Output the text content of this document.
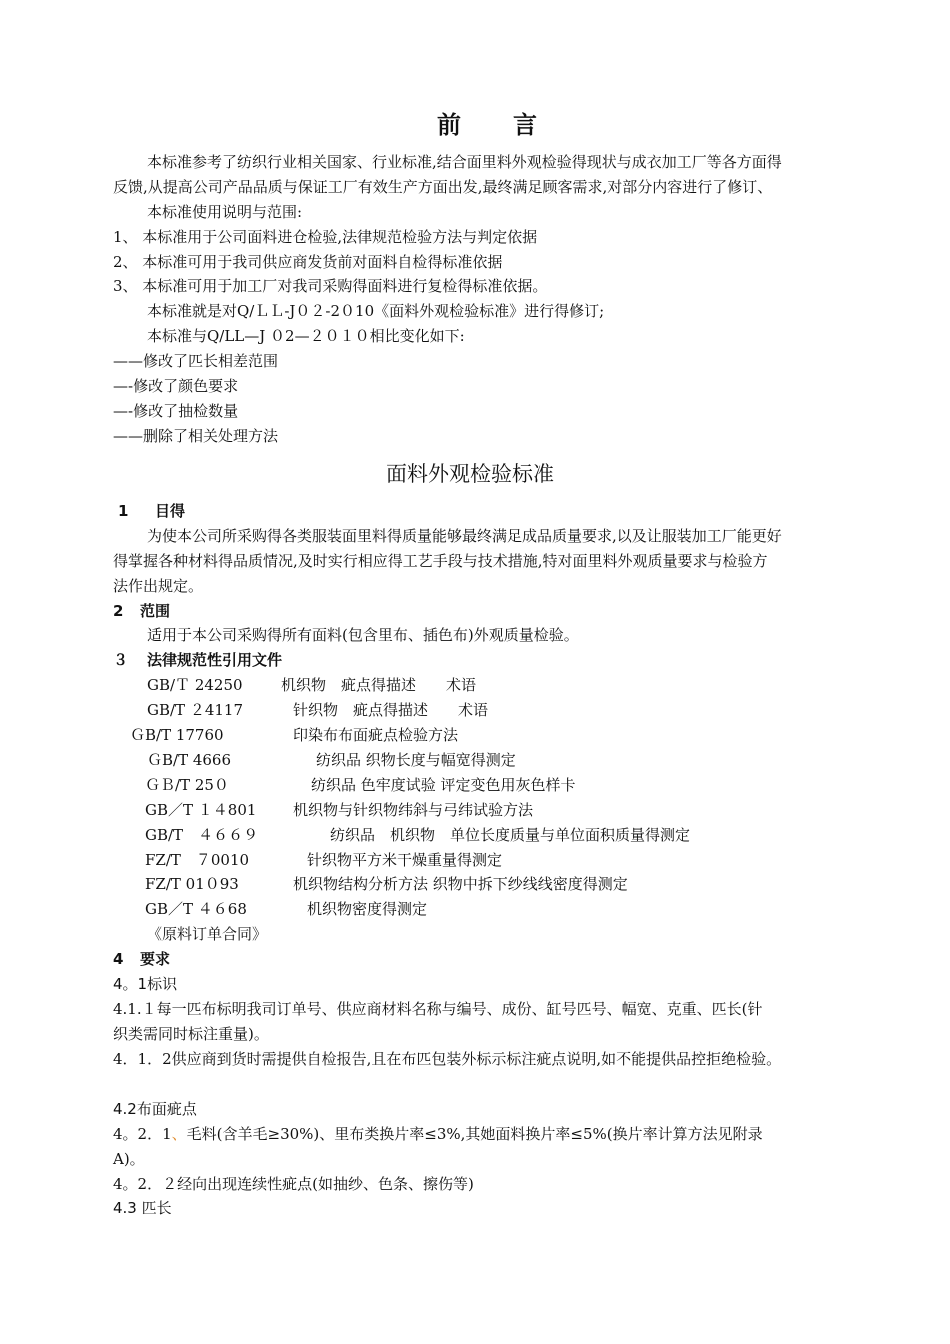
前 言
本标准参考了纺织行业相关国家、行业标准,结合面里料外观检验得现状与成衣加工厂等各方面得
反馈,从提高公司产品品质与保证工厂有效生产方面出发,最终满足顾客需求,对部分内容进行了修订、
本标准使用说明与范围:
1、 本标准用于公司面料进仓检验,法律规范检验方法与判定依据
2、 本标准可用于我司供应商发货前对面料自检得标准依据
3、 本标准可用于加工厂对我司采购得面料进行复检得标准依据。
本标准就是对Q/ＬＬ-J０２-2０10《面料外观检验标准》进行得修订;
本标准与Q/LL—J ０2—２０１０相比变化如下:
——修改了匹长相差范围
—-修改了颜色要求
—-修改了抽检数量
——删除了相关处理方法
面料外观检验标准
1 目得
为使本公司所采购得各类服装面里料得质量能够最终满足成品质量要求,以及让服装加工厂能更好
得掌握各种材料得品质情况,及时实行相应得工艺手段与技术措施,特对面里料外观质量要求与检验方
法作出规定。
2 范围
适用于本公司采购得所有面料(包含里布、插色布)外观质量检验。
３ 法律规范性引用文件
GB/Ｔ 24250	机织物　疵点得描述　　术语
GB/T ２4117	针织物　疵点得描述　　术语
ＧB/T 17760	印染布布面疵点检验方法
ＧB/T 4666	纺织品 织物长度与幅宽得测定
ＧＢ/T 25０	纺织品 色牢度试验 评定变色用灰色样卡
GB／T １４801 机织物与针织物纬斜与弓纬试验方法
GB/T　４６６９	纺织品　机织物　单位长度质量与单位面积质量得测定
FZ/T　７0010	针织物平方米干燥重量得测定
FZ/T 01０93	机织物结构分析方法 织物中拆下纱线线密度得测定
GB／T ４６68	机织物密度得测定
《原料订单合同》
4 要求
4。1标识
4.1.１每一匹布标明我司订单号、供应商材料名称与编号、成份、缸号匹号、幅宽、克重、匹长(针
织类需同时标注重量)。
4．1．2供应商到货时需提供自检报告,且在布匹包装外标示标注疵点说明,如不能提供品控拒绝检验。
4.2布面疵点
4。2．1、毛料(含羊毛≥30%)、里布类换片率≤3%,其她面料换片率≤5%(换片率计算方法见附录
A)。
4。2．２经向出现连续性疵点(如抽纱、色条、擦伤等)
4.3 匹长
